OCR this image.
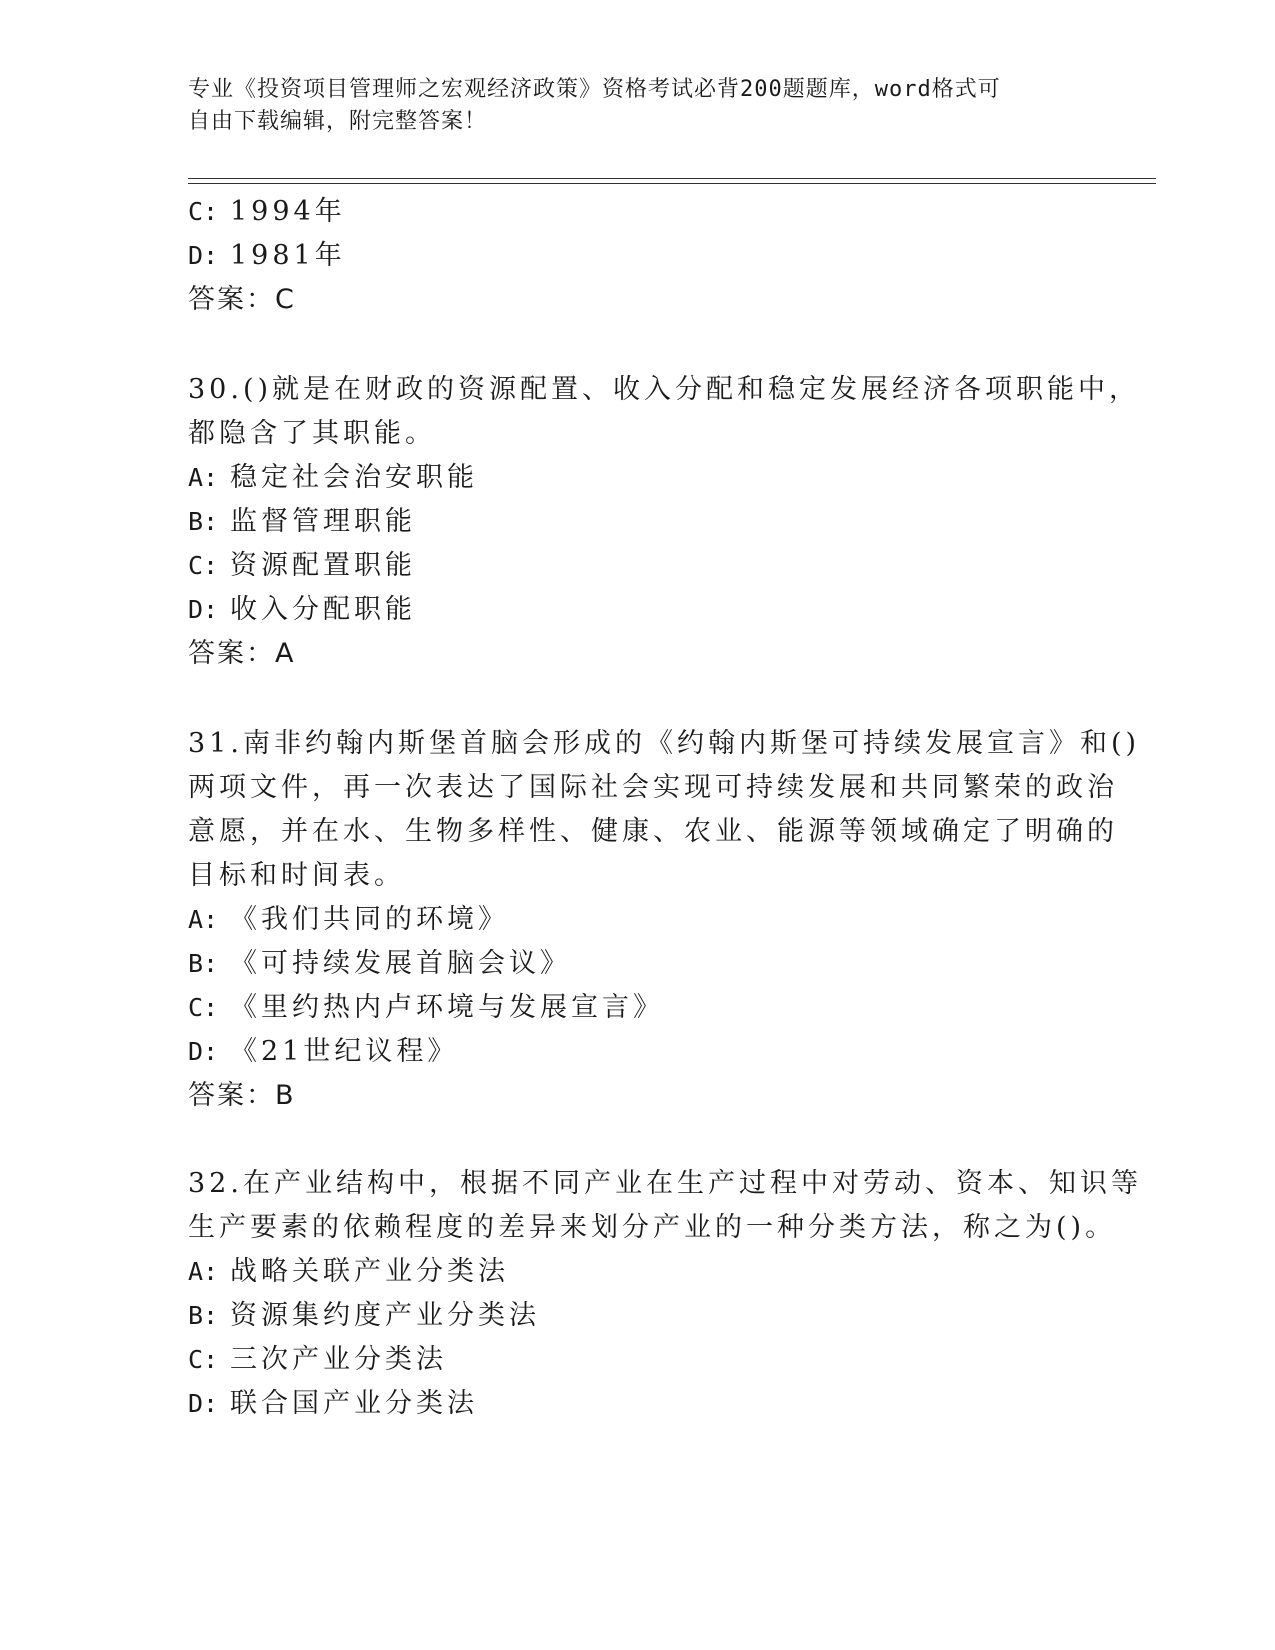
专业《投资项目管理师之宏观经济政策》资格考试必背200题题库，word格式可
自由下载编辑，附完整答案！
C: 1994年
D: 1981年
答案：C
30.()就是在财政的资源配置、收入分配和稳定发展经济各项职能中，
都隐含了其职能。
A: 稳定社会治安职能
B: 监督管理职能
C: 资源配置职能
D: 收入分配职能
答案：A
31.南非约翰内斯堡首脑会形成的《约翰内斯堡可持续发展宣言》和()
两项文件，再一次表达了国际社会实现可持续发展和共同繁荣的政治
意愿，并在水、生物多样性、健康、农业、能源等领域确定了明确的
目标和时间表。
A: 《我们共同的环境》
B: 《可持续发展首脑会议》
C: 《里约热内卢环境与发展宣言》
D: 《21世纪议程》
答案：B
32.在产业结构中，根据不同产业在生产过程中对劳动、资本、知识等
生产要素的依赖程度的差异来划分产业的一种分类方法，称之为()。
A: 战略关联产业分类法
B: 资源集约度产业分类法
C: 三次产业分类法
D: 联合国产业分类法
